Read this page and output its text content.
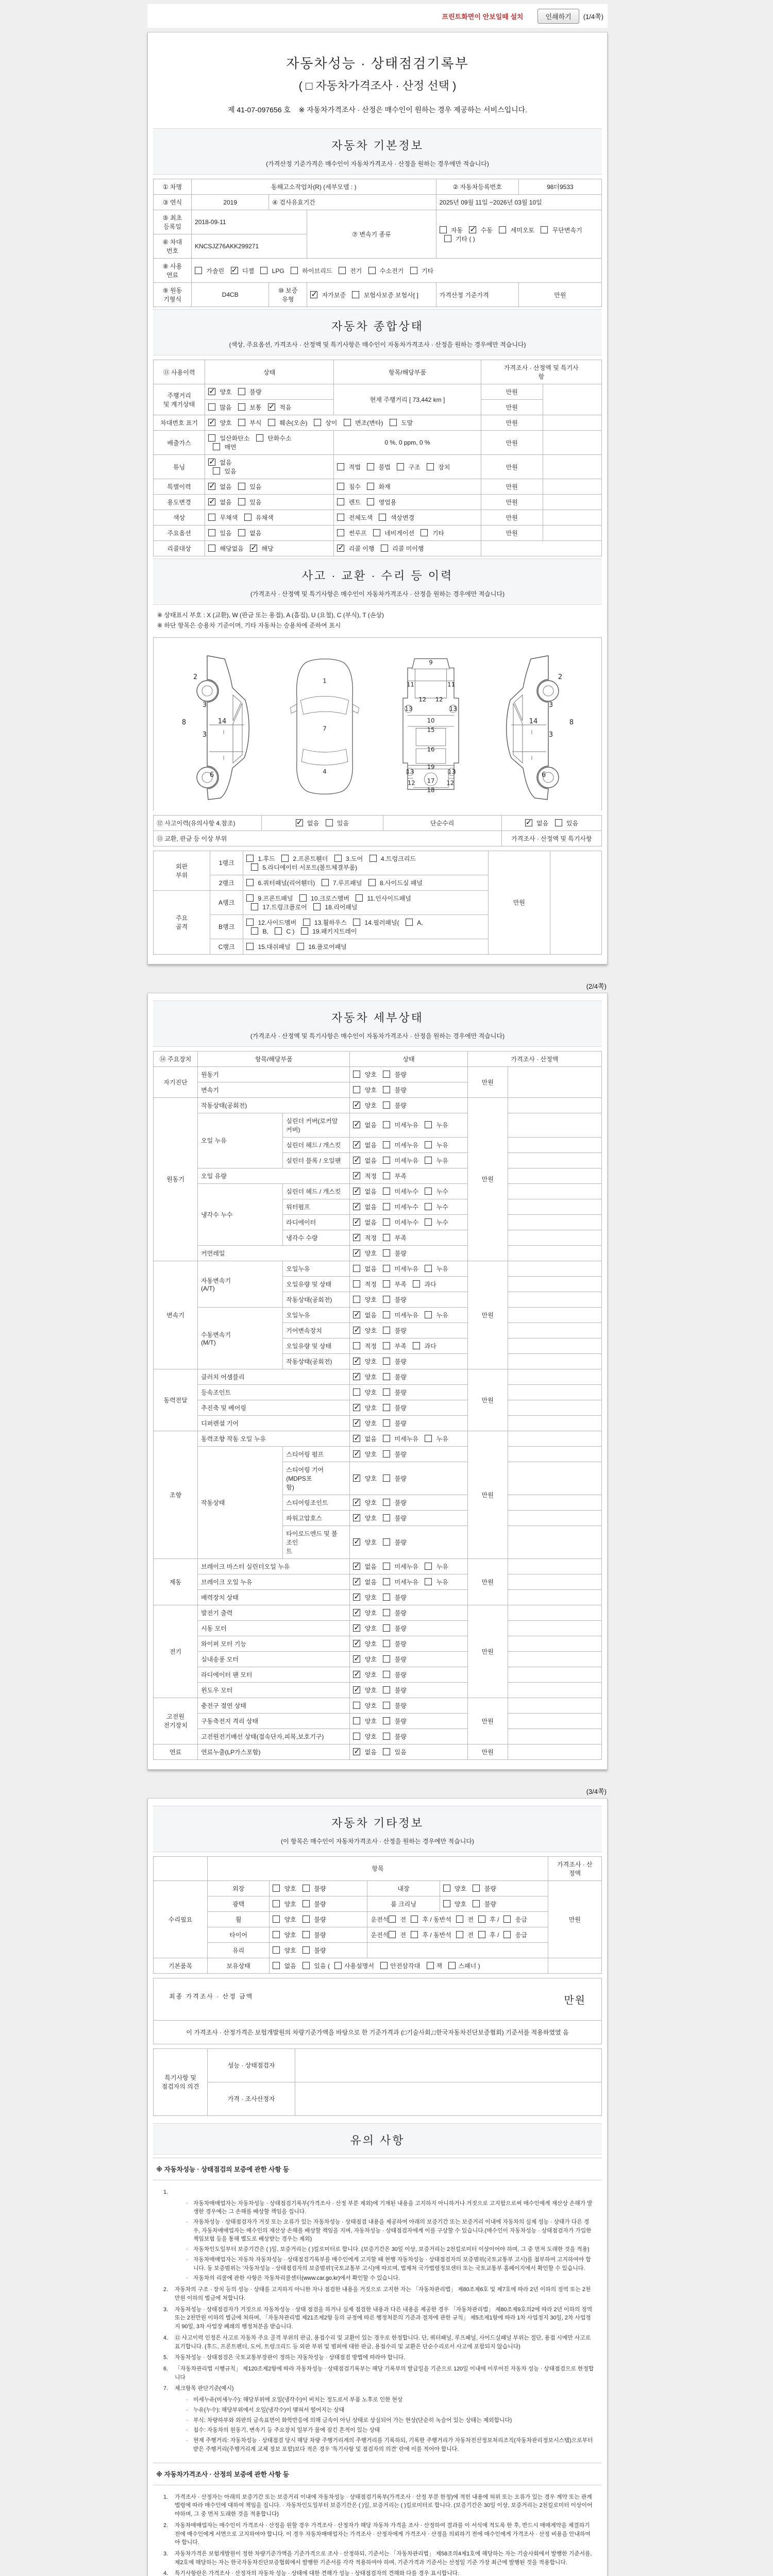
프린트화면이 안보일때 설치	인쇄하기	(1/4쪽)
자동차성능 · 상태점검기록부
( □ 자동차가격조사 · 산정 선택 )
제 41-07-097656 호 ※ 자동차가격조사 · 산정은 매수인이 원하는 경우 제공하는 서비스입니다.
자동차 기본정보
(가격산정 기준가격은 매수인이 자동차가격조사 · 산정을 원하는 경우에만 적습니다)
① 차명	동해고소작업차(R) (세부모델 : )			② 자동차등록번호	98더9533
③ 연식	2019	④ 검사유효기간		2025년 09월 11일 ~2026년 03월 10일	
⑤ 최초
등록일	2018-09-11		⑦ 변속기 종류	자동 ✓ 수동  세미오토  무단변속기
기타 ( )
⑥ 차대
번호	KNCSJZ76AKK299271				
⑧ 사용
연료	가솔린 ✓ 디젤  LPG  하이브리드  전기  수소전기  기타
⑨ 원동
기형식	D4CB	⑩ 보증
유형	✓ 자가보증  보험사보증 보험사[ ]	가격산정 기준가격	만원
자동차 종합상태
(색상, 주요옵션, 가격조사 · 산정액 및 특기사항은 매수인이 자동차가격조사 · 산정을 원하는 경우에만 적습니다)
⑪ 사용이력	상태	항목/해당부품	가격조사 · 산정액 및 특기사
항	
주행거리
및 계기상태	✓ 양호  불량	현재 주행거리 [ 73,442 km ]	만원	
	많음  보통 ✓ 적음		만원	
차대번호 표기	✓ 양호  부식  훼손(오손)  상이  변조(변타)  도말		만원	
배출가스	일산화탄소  탄화수소
매연	0 %, 0 ppm, 0 %	만원	
튜닝	✓ 없음
있음	적법  불법  구조  장치	만원	
특별이력	✓ 없음  있음	침수  화재	만원	
용도변경	✓ 없음  있음	렌트  영업용	만원	
색상	무채색  유채색	전체도색  색상변경	만원	
주요옵션	있음  없음	썬루프  네비게이션  기타	만원	
리콜대상	해당없음 ✓ 해당	✓ 리콜 이행  리콜 미이행	
사고 · 교환 · 수리 등 이력
(가격조사 · 산정액 및 특기사항은 매수인이 자동차가격조사 · 산정을 원하는 경우에만 적습니다)
※ 상태표시 부호 : X (교환), W (판금 또는 용접), A (흠집), U (요철), C (부식), T (손상)
※ 하단 항목은 승용차 기준이며, 기타 자동차는 승용차에 준하여 표시
2
3
3
14
8
6
1
7
4
9
11	11
12 12
13	13
10
15
16
19
13	13
17
12	12
18
2
3
3
14	8
6
⑫ 사고이력(유의사항 4.참조)	✓ 없음  있음	단순수리	✓ 없음  있음
⑬ 교환, 판금 등 이상 부위			가격조사 · 산정액 및 특기사항
외판
부위	1랭크	1.후드  2.프론트휀더  3.도어  4.트렁크리드
5.라디에이터 서포트(볼트체결부품)	만원	
	2랭크	6.쿼터패널(리어휀더)  7.루프패널  8.사이드실 패널		
주요
골격	A랭크	9.프론트패널  10.크로스멤버  11.인사이드패널
17.트렁크플로어  18.리어패널		
	B랭크	12.사이드멤버  13.휠하우스  14.필러패널(  A,
B,  C )  19.패키지트레이		
	C랭크	15.대쉬패널  16.플로어패널		
(2/4쪽)
자동차 세부상태
(가격조사 · 산정액 및 특기사항은 매수인이 자동차가격조사 · 산정을 원하는 경우에만 적습니다)
⑭ 주요장치	항목/해당부품		상태	가격조사 · 산정액	
자기진단	원동기		양호  불량	만원	
	변속기		양호  불량		
원동기	작동상태(공회전)	✓ 양호  불량	만원	
	오일 누유	실린더 커버(로커암 커버)	✓ 없음  미세누유  누유	
		실린더 헤드 / 개스킷	✓ 없음  미세누유  누유	
		실린더 블록 / 오일팬	✓ 없음  미세누유  누유	
	오일 유량	✓ 적정  부족	
	냉각수 누수	실린더 헤드 / 개스킷	✓ 없음  미세누수  누수	
		워터펌프	✓ 없음  미세누수  누수	
		라디에이터	✓ 없음  미세누수  누수	
		냉각수 수량	✓ 적정  부족	
	커먼레일	✓ 양호  불량	
변속기	자동변속기
(A/T)	오일누유	없음  미세누유  누유	만원	
		오일유량 및 상태	적정  부족  과다		
		작동상태(공회전)	양호  불량		
	수동변속기
(M/T)	오일누유	✓ 없음  미세누유  누유	
		기어변속장치	✓ 양호  불량	
		오일유량 및 상태	적정  부족  과다		
		작동상태(공회전)	✓ 양호  불량	
동력전달	클러치 어셈블리	✓ 양호  불량	만원	
	등속조인트		양호  불량		
	추진축 및 베어링	✓ 양호  불량	
	디퍼렌셜 기어	✓ 양호  불량	
조향	동력조향 작동 오일 누유	✓ 없음  미세누유  누유	만원	
	작동상태	스티어링 펌프	✓ 양호  불량	
		스티어링 기어(MDPS포
함)	✓ 양호  불량	
		스티어링조인트	✓ 양호  불량	
		파워고압호스	✓ 양호  불량	
		타이로드엔드 및 볼 조인
트	✓ 양호  불량	
제동	브레이크 마스터 실린더오일 누유	✓ 없음  미세누유  누유	만원	
	브레이크 오일 누유	✓ 없음  미세누유  누유	
	배력장치 상태	✓ 양호  불량	
전기	발전기 출력	✓ 양호  불량	만원	
	시동 모터	✓ 양호  불량	
	와이퍼 모터 기능	✓ 양호  불량	
	실내송풍 모터	✓ 양호  불량	
	라디에이터 팬 모터	✓ 양호  불량	
	윈도우 모터	✓ 양호  불량	
고전원
전기장치	충전구 절연 상태		양호  불량	만원	
	구동축전지 격리 상태		양호  불량		
	고전원전기배선 상태(접속단자,피복,보호기구)		양호  불량		
연료	연료누출(LP가스포함)	✓ 없음  있음	만원	
(3/4쪽)
자동차 기타정보
(이 항목은 매수인이 자동차가격조사 · 산정을 원하는 경우에만 적습니다)
	항목				가격조사 · 산
정액
수리필요	외장	양호  불량	내장	양호  불량	만원
	광택	양호  불량	룸 크리닝	양호  불량	
	휠	양호  불량	운전석 전 후 / 동반석 전 후 / 응급		
	타이어	양호  불량	운전석 전 후 / 동반석 전 후 / 응급		
	유리	양호  불량			
기본품목	보유상태	없음  있음 ( 사용설명서 안전삼각대 잭 스패너 )			
최종 가격조사 · 산정 금액	만원

이 가격조사 · 산정가격은 보험개발원의 차량기준가액을 바탕으로 한 기준가격과 (□기술사회,□한국자동차진단보증협회) 기준서를 적용하였였 음
특기사항 및
점검자의 의견	성능 · 상태점검자	
	가격 · 조사산정자	
유의 사항
※ 자동차성능 · 상태점검의 보증에 관한 사항 등
1.
· 자동차매매업자는 자동차성능 · 상태점검기록부(가격조사 · 산정 부분 제외)에 기재된 내용을 고지하지 아니하거나 거짓으로 고지함으로써 매수인에게 재산상 손해가 발생한 경우에는 그 손해를 배상할 책임을 집니다.
· 자동차성능 · 상태점검자가 거짓 또는 오류가 있는 자동차성능 · 상태점검 내용을 제공하여 아래의 보증기간 또는 보증거리 이내에 자동차의 실제 성능 · 상태가 다른 경우, 자동차매매업자는 매수인의 재산상 손해를 배상할 책임을 지며, 자동차성능 · 상태점검자에게 이를 구상할 수 있습니다.(매수인이 자동차성능 · 상태점검자가 가입한 책임보험 등을 통해 별도로 배상받는 경우는 제외)
· 자동차인도일부터 보증기간은 ( )일, 보증거리는 ( )킬로미터로 합니다. (보증기간은 30일 이상, 보증거리는 2천킬로미터 이상이어야 하며, 그 중 먼저 도래한 것을 적용)
· 자동차매매업자는 자동차 자동차성능 · 상태점검기록부를 매수인에게 고지할 때 현행 자동차성능 · 상태점검자의 보증범위(국토교통부 고시)를 첨부하여 고지하여야 합니다. 동 보증범위는 '자동차성능 · 상태점검자의 보증범위'(국토교통부 고시)에 따르며, 법제처 국가법령정보센터 또는 국토교통부 홈페이지에서 확인할 수 있습니다.
· 자동차의 리콜에 관한 사항은 자동차리콜센터(www.car.go.kr)에서 확인할 수 있습니다.
2.	자동차의 구조 · 장치 등의 성능 · 상태를 고지하지 아니한 자나 점검한 내용을 거짓으로 고지한 자는 「자동차관리법」 제80조제6호 및 제7호에 따라 2년 이하의 징역 또는 2천만원 이하의 벌금에 처합니다.
3.	자동차성능 · 상태점검자가 거짓으로 자동차성능 · 상태 점검을 하거나 실제 점검한 내용과 다른 내용을 제공한 경우 「자동차관리법」 제80조제9호의2에 따라 2년 이하의 징역 또는 2천만원 이하의 벌금에 처하며, 「자동차관리법 제21조제2항 등의 규정에 따른 행정처분의 기준과 절차에 관한 규칙」 제5조제1항에 따라 1차 사업정지 30일, 2차 사업정지 90일, 3차 사업장 폐쇄의 행정처분을 받습니다.
4.	⑫ 사고이력 인정은 사고로 자동차 주요 골격 부위의 판금, 용접수리 및 교환이 있는 경우로 한정합니다. 단, 쿼터패널, 루프패널, 사이드실패널 부위는 절단, 용접 시에만 사고로 표기합니다. (후드, 프론트펜더, 도어, 트렁크리드 등 외판 부위 및 범퍼에 대한 판금, 용접수리 및 교환은 단순수리로서 사고에 포함되지 않습니다)
5.	자동차성능 · 상태점검은 국토교통부장관이 정하는 자동차성능 · 상태점검 방법에 따라야 합니다.
6.	「자동차관리법 시행규칙」 제120조제2항에 따라 자동차성능 · 상태점검기록부는 해당 기록부의 발급일을 기준으로 120일 이내에 이루어진 자동차 성능 · 상태점검으로 한정합니다
7.	체크항목 판단기준(예시)
· 미세누유(미세누수): 해당부위에 오일(냉각수)이 비치는 정도로서 부품 노후로 인한 현상
· 누유(누수): 해당부위에서 오일(냉각수)이 맺혀서 떨어지는 상태
· 부식: 차량하부와 외판의 금속표면이 화학반응에 의해 금속이 아닌 상태로 상실되어 가는 현상(단순히 녹슬어 있는 상태는 제외합니다)
· 침수: 자동차의 원동기, 변속기 등 주요장치 일부가 물에 잠긴 흔적이 있는 상태
· 현재 주행거리: 자동차성능 · 상태점검 당시 해당 차량 주행거리계의 주행거리를 기록하되, 기록한 주행거리가 자동차전산정보처리조직(자동차관리정보시스템)으로부터 받은 주행거리(주행거리계 교체 정보 포함)보다 적은 경우 '특기사항 및 점검자의 의견' 란에 이를 적어야 합니다.
※ 자동차가격조사 · 산정의 보증에 관한 사항 등
1.	가격조사 · 산정자는 아래의 보증기간 또는 보증거리 이내에 자동차성능 · 상태점검기록부(가격조사 · 산정 부분 한정)에 적힌 내용에 허위 또는 오류가 있는 경우 계약 또는 관계법령에 따라 매수인에 대하여 책임을 집니다. · 자동차인도일부터 보증기간은 ( )일, 보증거리는 ( )킬로미터로 합니다. (보증기간은 30일 이상, 보증거리는 2천킬로미터 이상이어야하며, 그 중 먼저 도래한 것을 적용합니다)
2.	자동차매매업자는 매수인이 가격조사 · 산정을 원할 경우 가격조사 · 산정자가 해당 자동차 가격을 조사 · 산정하여 결과를 이 서식에 적도록 한 후, 반드시 매매계약을 체결하기 전에 매수인에게 서면으로 고지하여야 합니다. 이 경우 자동차매매업자는 가격조사 · 산정자에게 가격조사 · 산정을 의뢰하기 전에 매수인에게 가격조사 · 산정 비용을 안내하여야 합니다.
3.	자동차가격은 보험개발원이 정한 차량기준가액을 기준가격으로 조사 · 산정하되, 기준서는 「자동차관리법」 제58조의4제1호에 해당하는 자는 기술사회에서 발행한 기준서를, 제2호에 해당하는 자는 한국자동차진단보증협회에서 발행한 기준서를 각각 적용하여야 하며, 기준가격과 기준서는 산정일 기준 가장 최근에 발행된 것을 적용합니다.
4.	특기사항란은 가격조사 · 산정자의 자동차 성능 · 상태에 대한 견해가 성능 · 상태점검자의 견해와 다를 경우 표시합니다.
